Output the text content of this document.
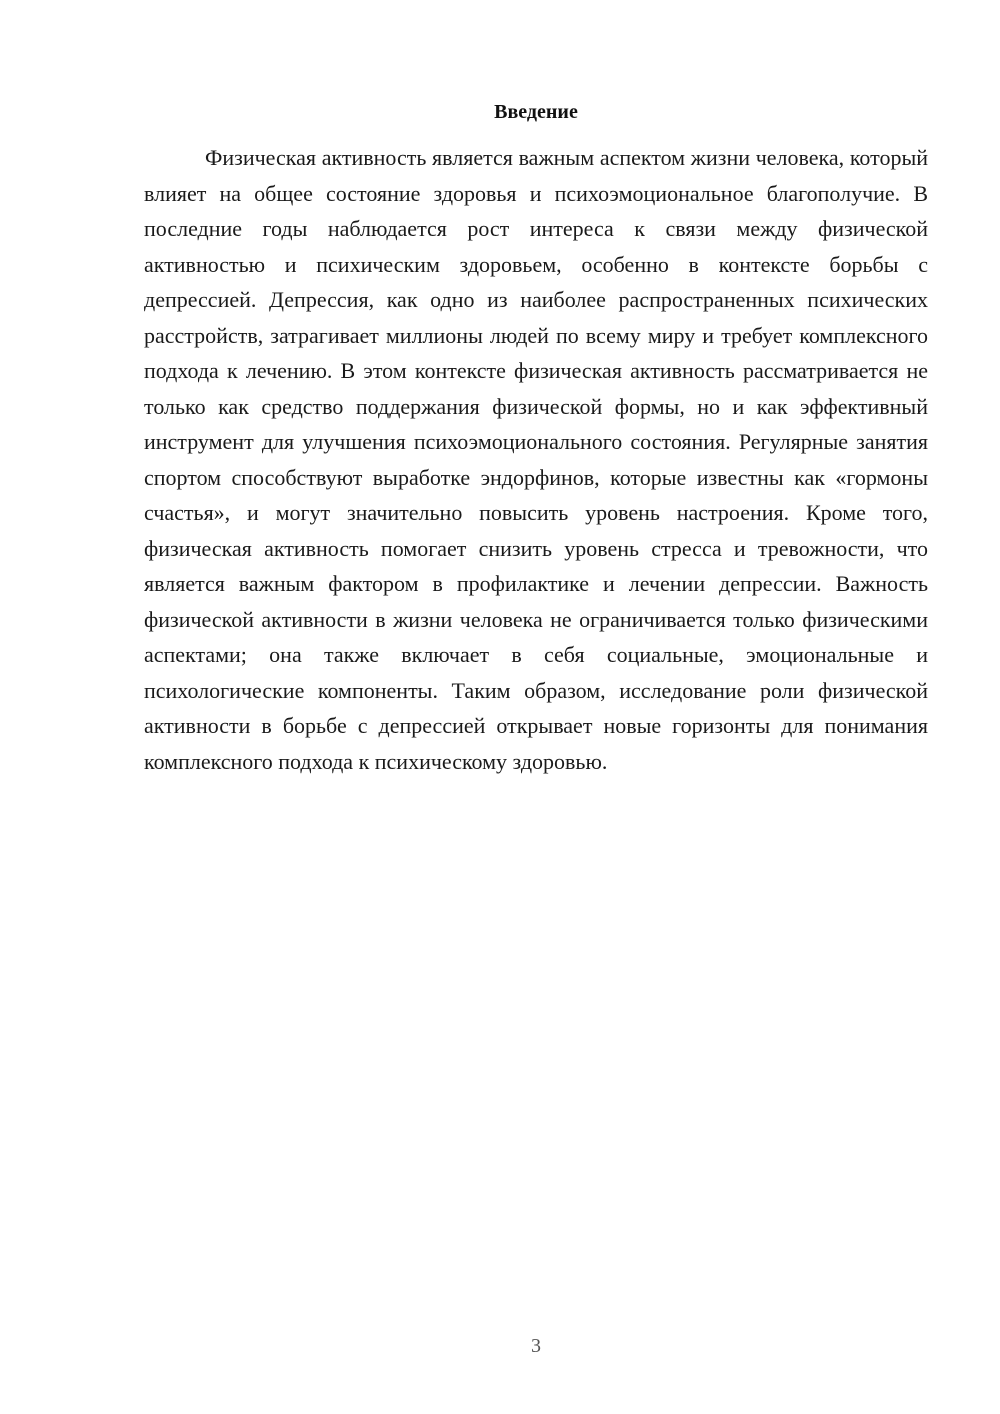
Введение

Физическая активность является важным аспектом жизни человека, который влияет на общее состояние здоровья и психоэмоциональное благополучие. В последние годы наблюдается рост интереса к связи между физической активностью и психическим здоровьем, особенно в контексте борьбы с депрессией. Депрессия, как одно из наиболее распространенных психических расстройств, затрагивает миллионы людей по всему миру и требует комплексного подхода к лечению. В этом контексте физическая активность рассматривается не только как средство поддержания физической формы, но и как эффективный инструмент для улучшения психоэмоционального состояния. Регулярные занятия спортом способствуют выработке эндорфинов, которые известны как «гормоны счастья», и могут значительно повысить уровень настроения. Кроме того, физическая активность помогает снизить уровень стресса и тревожности, что является важным фактором в профилактике и лечении депрессии. Важность физической активности в жизни человека не ограничивается только физическими аспектами; она также включает в себя социальные, эмоциональные и психологические компоненты. Таким образом, исследование роли физической активности в борьбе с депрессией открывает новые горизонты для понимания комплексного подхода к психическому здоровью.

3
